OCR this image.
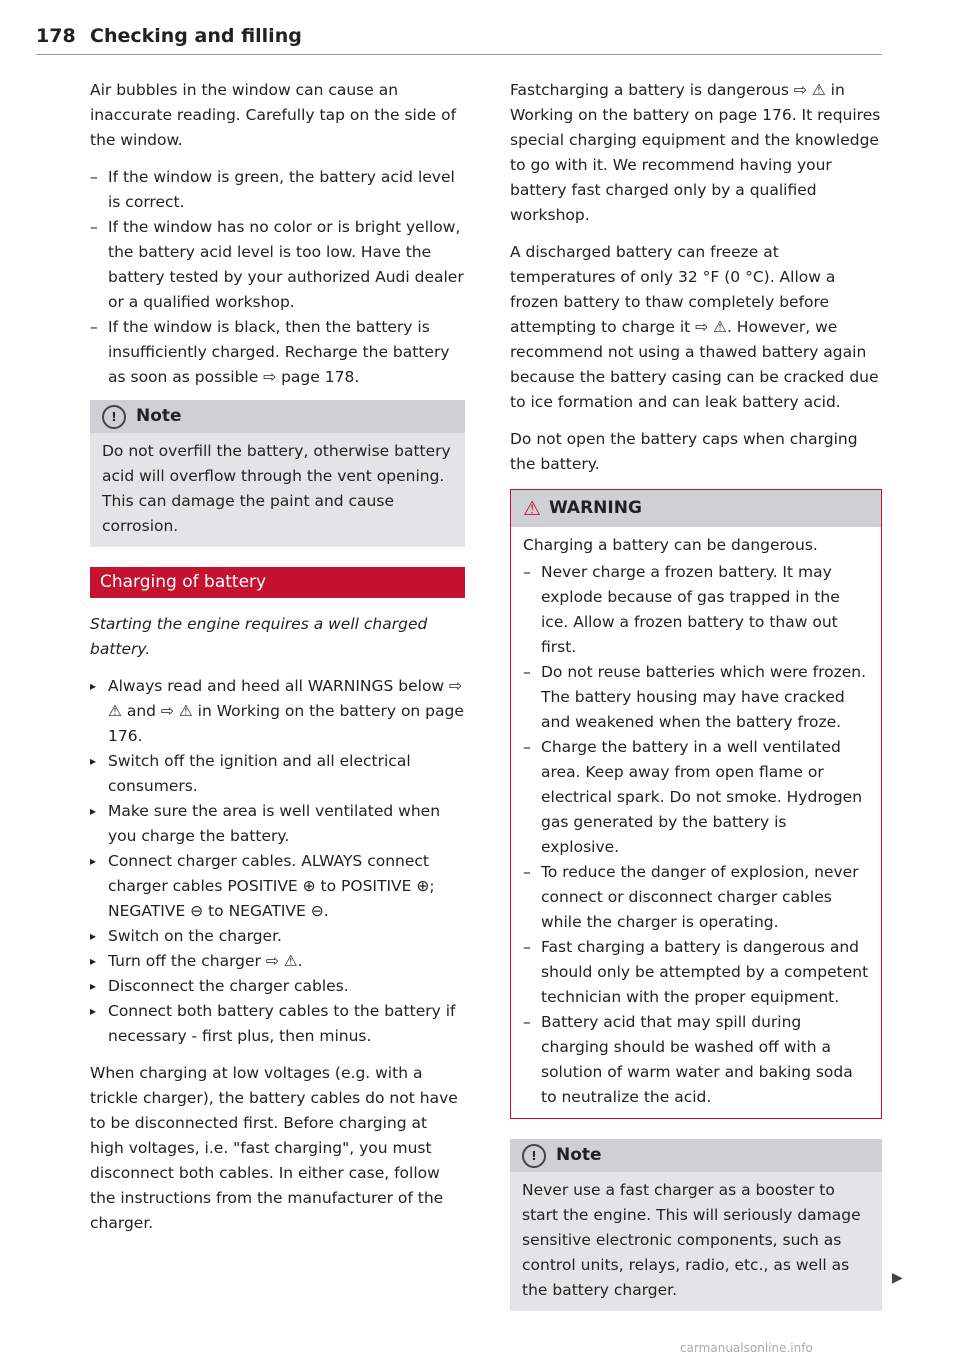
178 Checking and filling

Air bubbles in the window can cause an inaccurate reading. Carefully tap on the side of the window.

– If the window is green, the battery acid level is correct.
– If the window has no color or is bright yellow, the battery acid level is too low. Have the battery tested by your authorized Audi dealer or a qualified workshop.
– If the window is black, then the battery is insufficiently charged. Recharge the battery as soon as possible ⇨ page 178.
!	Note
Do not overfill the battery, otherwise battery acid will overflow through the vent opening. This can damage the paint and cause corrosion.
Charging of battery

Starting the engine requires a well charged battery.

▸ Always read and heed all WARNINGS below ⇨ ⚠ and ⇨ ⚠ in Working on the battery on page 176.
▸ Switch off the ignition and all electrical consumers.
▸ Make sure the area is well ventilated when you charge the battery.
▸ Connect charger cables. ALWAYS connect charger cables POSITIVE ⊕ to POSITIVE ⊕; NEGATIVE ⊖ to NEGATIVE ⊖.
▸ Switch on the charger.
▸ Turn off the charger ⇨ ⚠.
▸ Disconnect the charger cables.
▸ Connect both battery cables to the battery if necessary - first plus, then minus.

When charging at low voltages (e.g. with a trickle charger), the battery cables do not have to be disconnected first. Before charging at high voltages, i.e. "fast charging", you must disconnect both cables. In either case, follow the instructions from the manufacturer of the charger.

Fastcharging a battery is dangerous ⇨ ⚠ in Working on the battery on page 176. It requires special charging equipment and the knowledge to go with it. We recommend having your battery fast charged only by a qualified workshop.

A discharged battery can freeze at temperatures of only 32 °F (0 °C). Allow a frozen battery to thaw completely before attempting to charge it ⇨ ⚠. However, we recommend not using a thawed battery again because the battery casing can be cracked due to ice formation and can leak battery acid.

Do not open the battery caps when charging the battery.

⚠ WARNING

Charging a battery can be dangerous.

– Never charge a frozen battery. It may explode because of gas trapped in the ice. Allow a frozen battery to thaw out first.
– Do not reuse batteries which were frozen. The battery housing may have cracked and weakened when the battery froze.
– Charge the battery in a well ventilated area. Keep away from open flame or electrical spark. Do not smoke. Hydrogen gas generated by the battery is explosive.
– To reduce the danger of explosion, never connect or disconnect charger cables while the charger is operating.
– Fast charging a battery is dangerous and should only be attempted by a competent technician with the proper equipment.
– Battery acid that may spill during charging should be washed off with a solution of warm water and baking soda to neutralize the acid.
!	Note
Never use a fast charger as a booster to start the engine. This will seriously damage sensitive electronic components, such as control units, relays, radio, etc., as well as the battery charger.
▶
carmanualsonline.info
